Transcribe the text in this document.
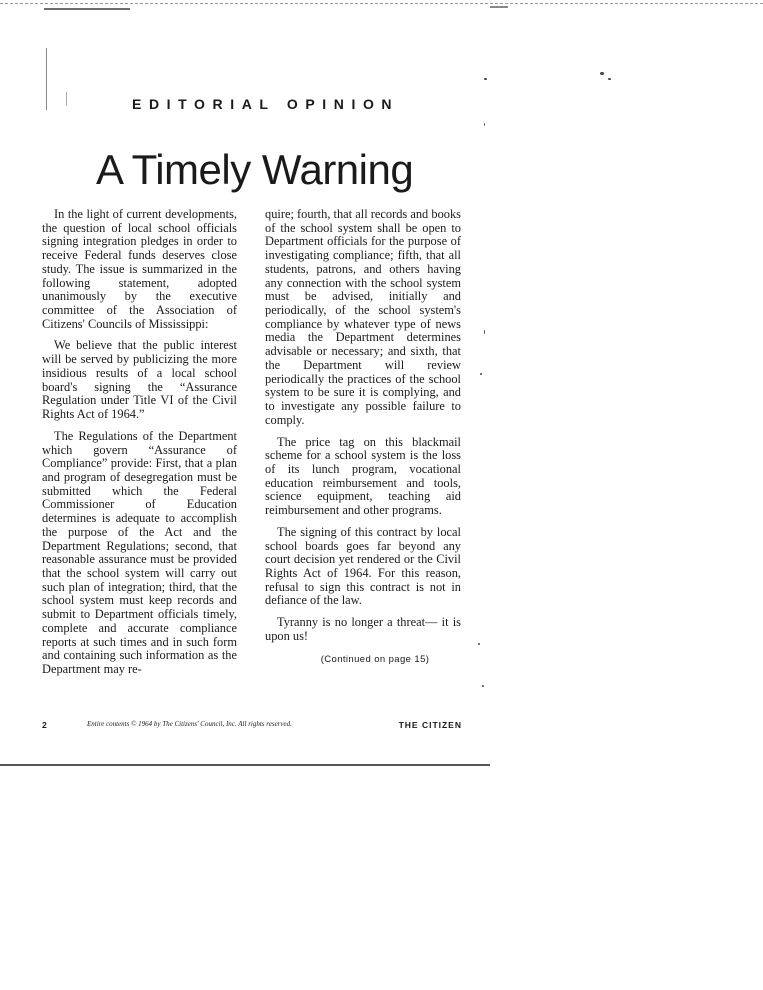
EDITORIAL OPINION
A Timely Warning

In the light of current developments, the question of local school officials signing integration pledges in order to receive Federal funds deserves close study. The issue is summarized in the following statement, adopted unanimously by the executive committee of the Association of Citizens' Councils of Mississippi:

We believe that the public interest will be served by publicizing the more insidious results of a local school board's signing the “Assurance Regulation under Title VI of the Civil Rights Act of 1964.”

The Regulations of the Department which govern “Assurance of Compliance” provide: First, that a plan and program of desegregation must be submitted which the Federal Commissioner of Education determines is adequate to accomplish the purpose of the Act and the Department Regulations; second, that reasonable assurance must be provided that the school system will carry out such plan of integration; third, that the school system must keep records and submit to Department officials timely, complete and accurate compliance reports at such times and in such form and containing such information as the Department may re-

quire; fourth, that all records and books of the school system shall be open to Department officials for the purpose of investigating compliance; fifth, that all students, patrons, and others having any connection with the school system must be advised, initially and periodically, of the school system's compliance by whatever type of news media the Department determines advisable or necessary; and sixth, that the Department will review periodically the practices of the school system to be sure it is complying, and to investigate any possible failure to comply.

The price tag on this blackmail scheme for a school system is the loss of its lunch program, vocational education reimbursement and tools, science equipment, teaching aid reimbursement and other programs.

The signing of this contract by local school boards goes far beyond any court decision yet rendered or the Civil Rights Act of 1964. For this reason, refusal to sign this contract is not in defiance of the law.

Tyranny is no longer a threat— it is upon us!

(Continued on page 15)
2	Entire contents © 1964 by The Citizens' Council, Inc. All rights reserved.	THE CITIZEN
